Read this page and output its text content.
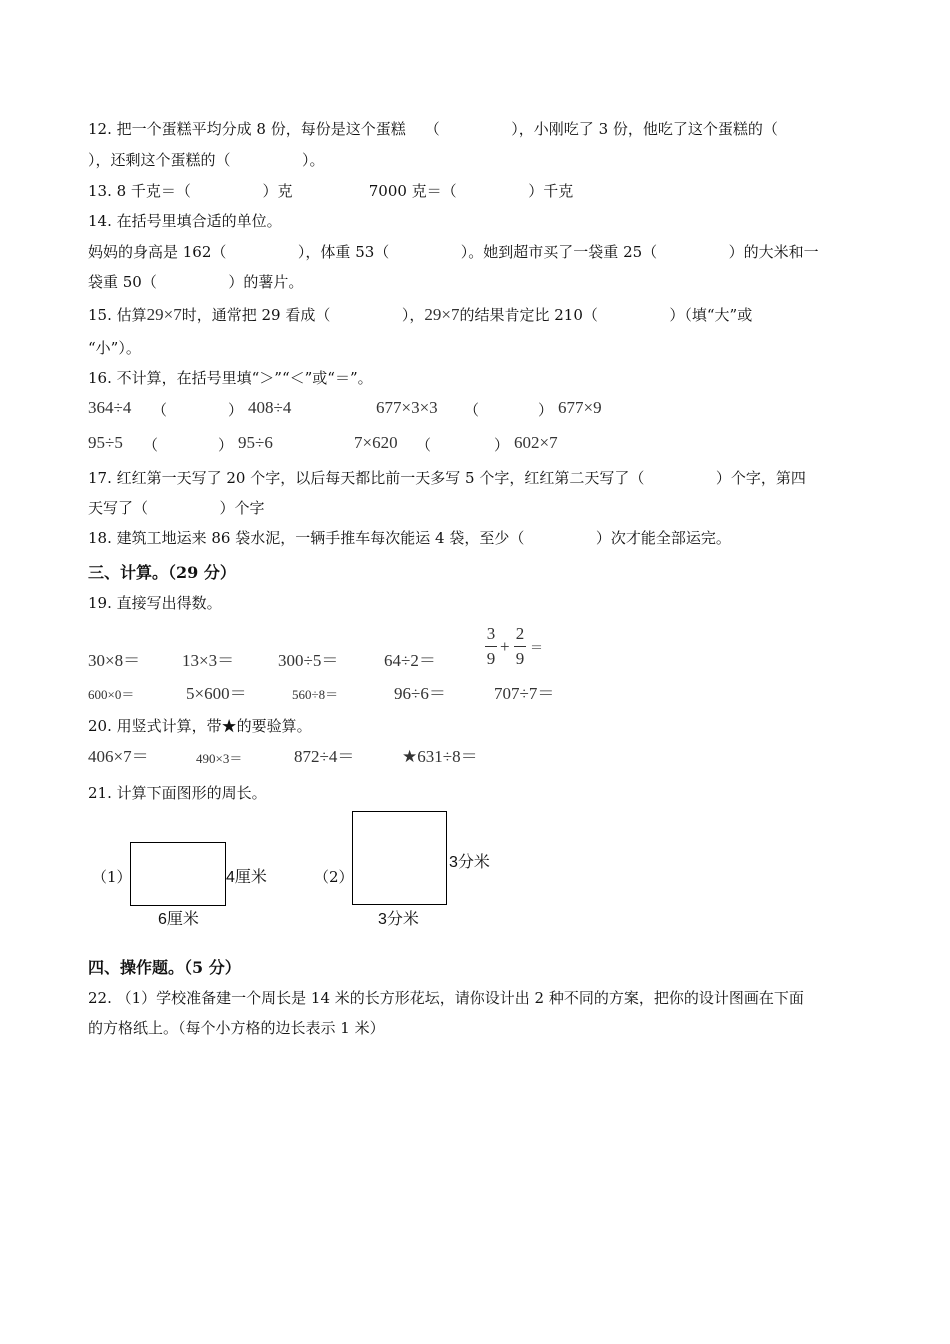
12. 把一个蛋糕平均分成 8 份，每份是这个蛋糕    （               ），小刚吃了 3 份，他吃了这个蛋糕的（
），还剩这个蛋糕的（               ）。
13. 8 千克＝（               ）克                7000 克＝（               ）千克
14. 在括号里填合适的单位。
妈妈的身高是 162（               ），体重 53（               ）。她到超市买了一袋重 25（               ）的大米和一
袋重 50（               ）的薯片。
15. 估算29×7时，通常把 29 看成（               ），29×7的结果肯定比 210（               ）（填“大”或
“小”）。
16. 不计算，在括号里填“＞”“＜”或“＝”。
364÷4 （	） 408÷4	677×3×3 （	） 677×9
95÷5 （	） 95÷6	7×620 （	） 602×7
17. 红红第一天写了 20 个字，以后每天都比前一天多写 5 个字，红红第二天写了（               ）个字，第四
天写了（               ）个字
18. 建筑工地运来 86 袋水泥，一辆手推车每次能运 4 袋，至少（               ）次才能全部运完。
三、计算。（29 分）
19. 直接写出得数。
30×8＝ 13×3＝	300÷5＝	64÷2＝
3
9
+
2
9
＝
600×0＝	5×600＝	560÷8＝	96÷6＝	707÷7＝
20. 用竖式计算，带★的要验算。
406×7＝	490×3＝	872÷4＝	★631÷8＝
21. 计算下面图形的周长。
（1）	4厘米
6厘米
（2）
3分米
3分米
四、操作题。（5 分）
22. （1）学校准备建一个周长是 14 米的长方形花坛，请你设计出 2 种不同的方案，把你的设计图画在下面
的方格纸上。（每个小方格的边长表示 1 米）
